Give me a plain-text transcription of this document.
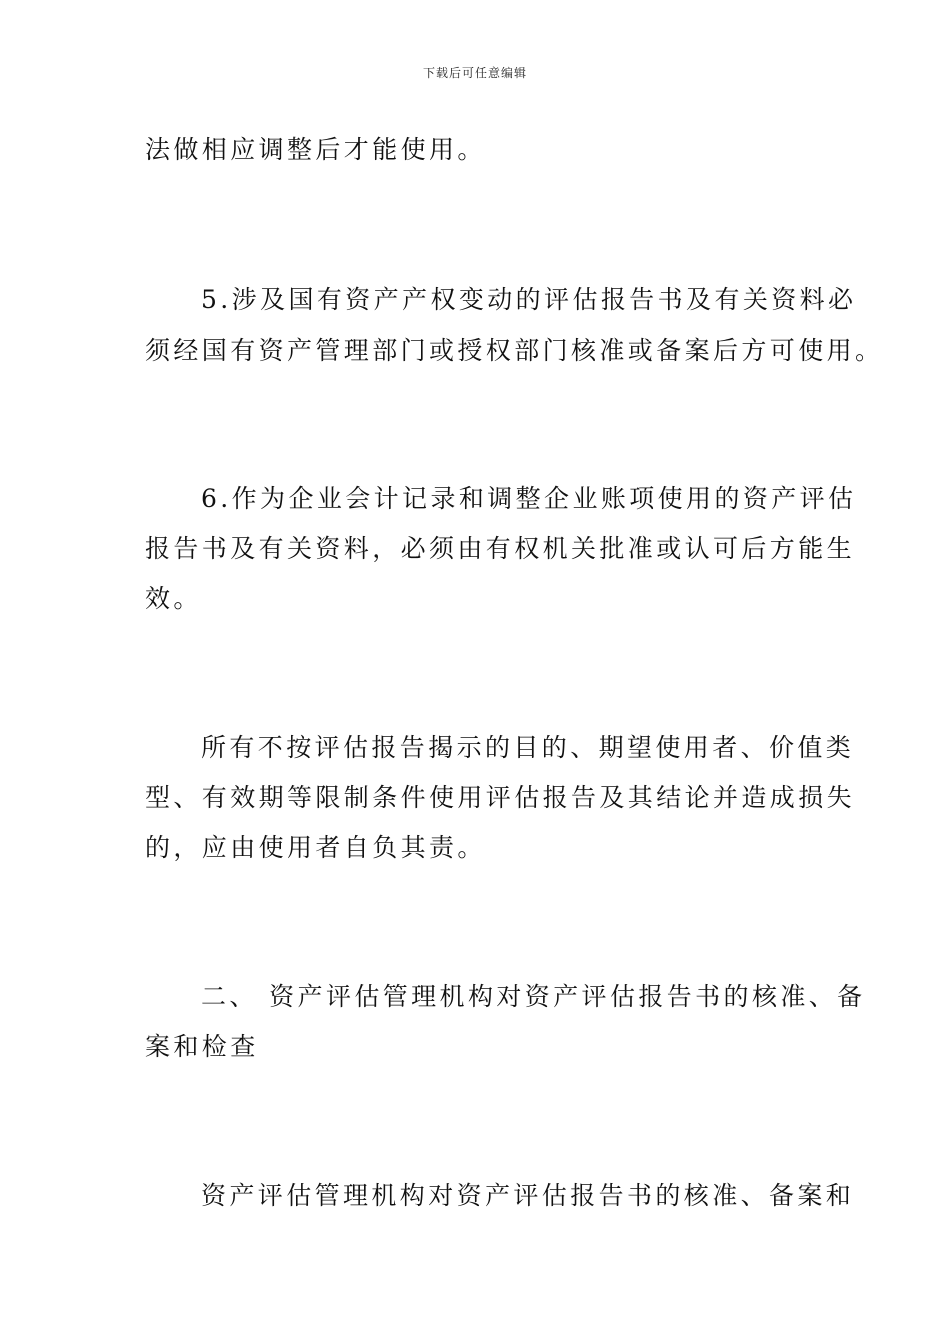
下载后可任意编辑
法做相应调整后才能使用。
5.涉及国有资产产权变动的评估报告书及有关资料必
须经国有资产管理部门或授权部门核准或备案后方可使用。
6.作为企业会计记录和调整企业账项使用的资产评估
报告书及有关资料，必须由有权机关批准或认可后方能生
效。
所有不按评估报告揭示的目的、期望使用者、价值类
型、有效期等限制条件使用评估报告及其结论并造成损失
的，应由使用者自负其责。
二、 资产评估管理机构对资产评估报告书的核准、备
案和检查
资产评估管理机构对资产评估报告书的核准、备案和
